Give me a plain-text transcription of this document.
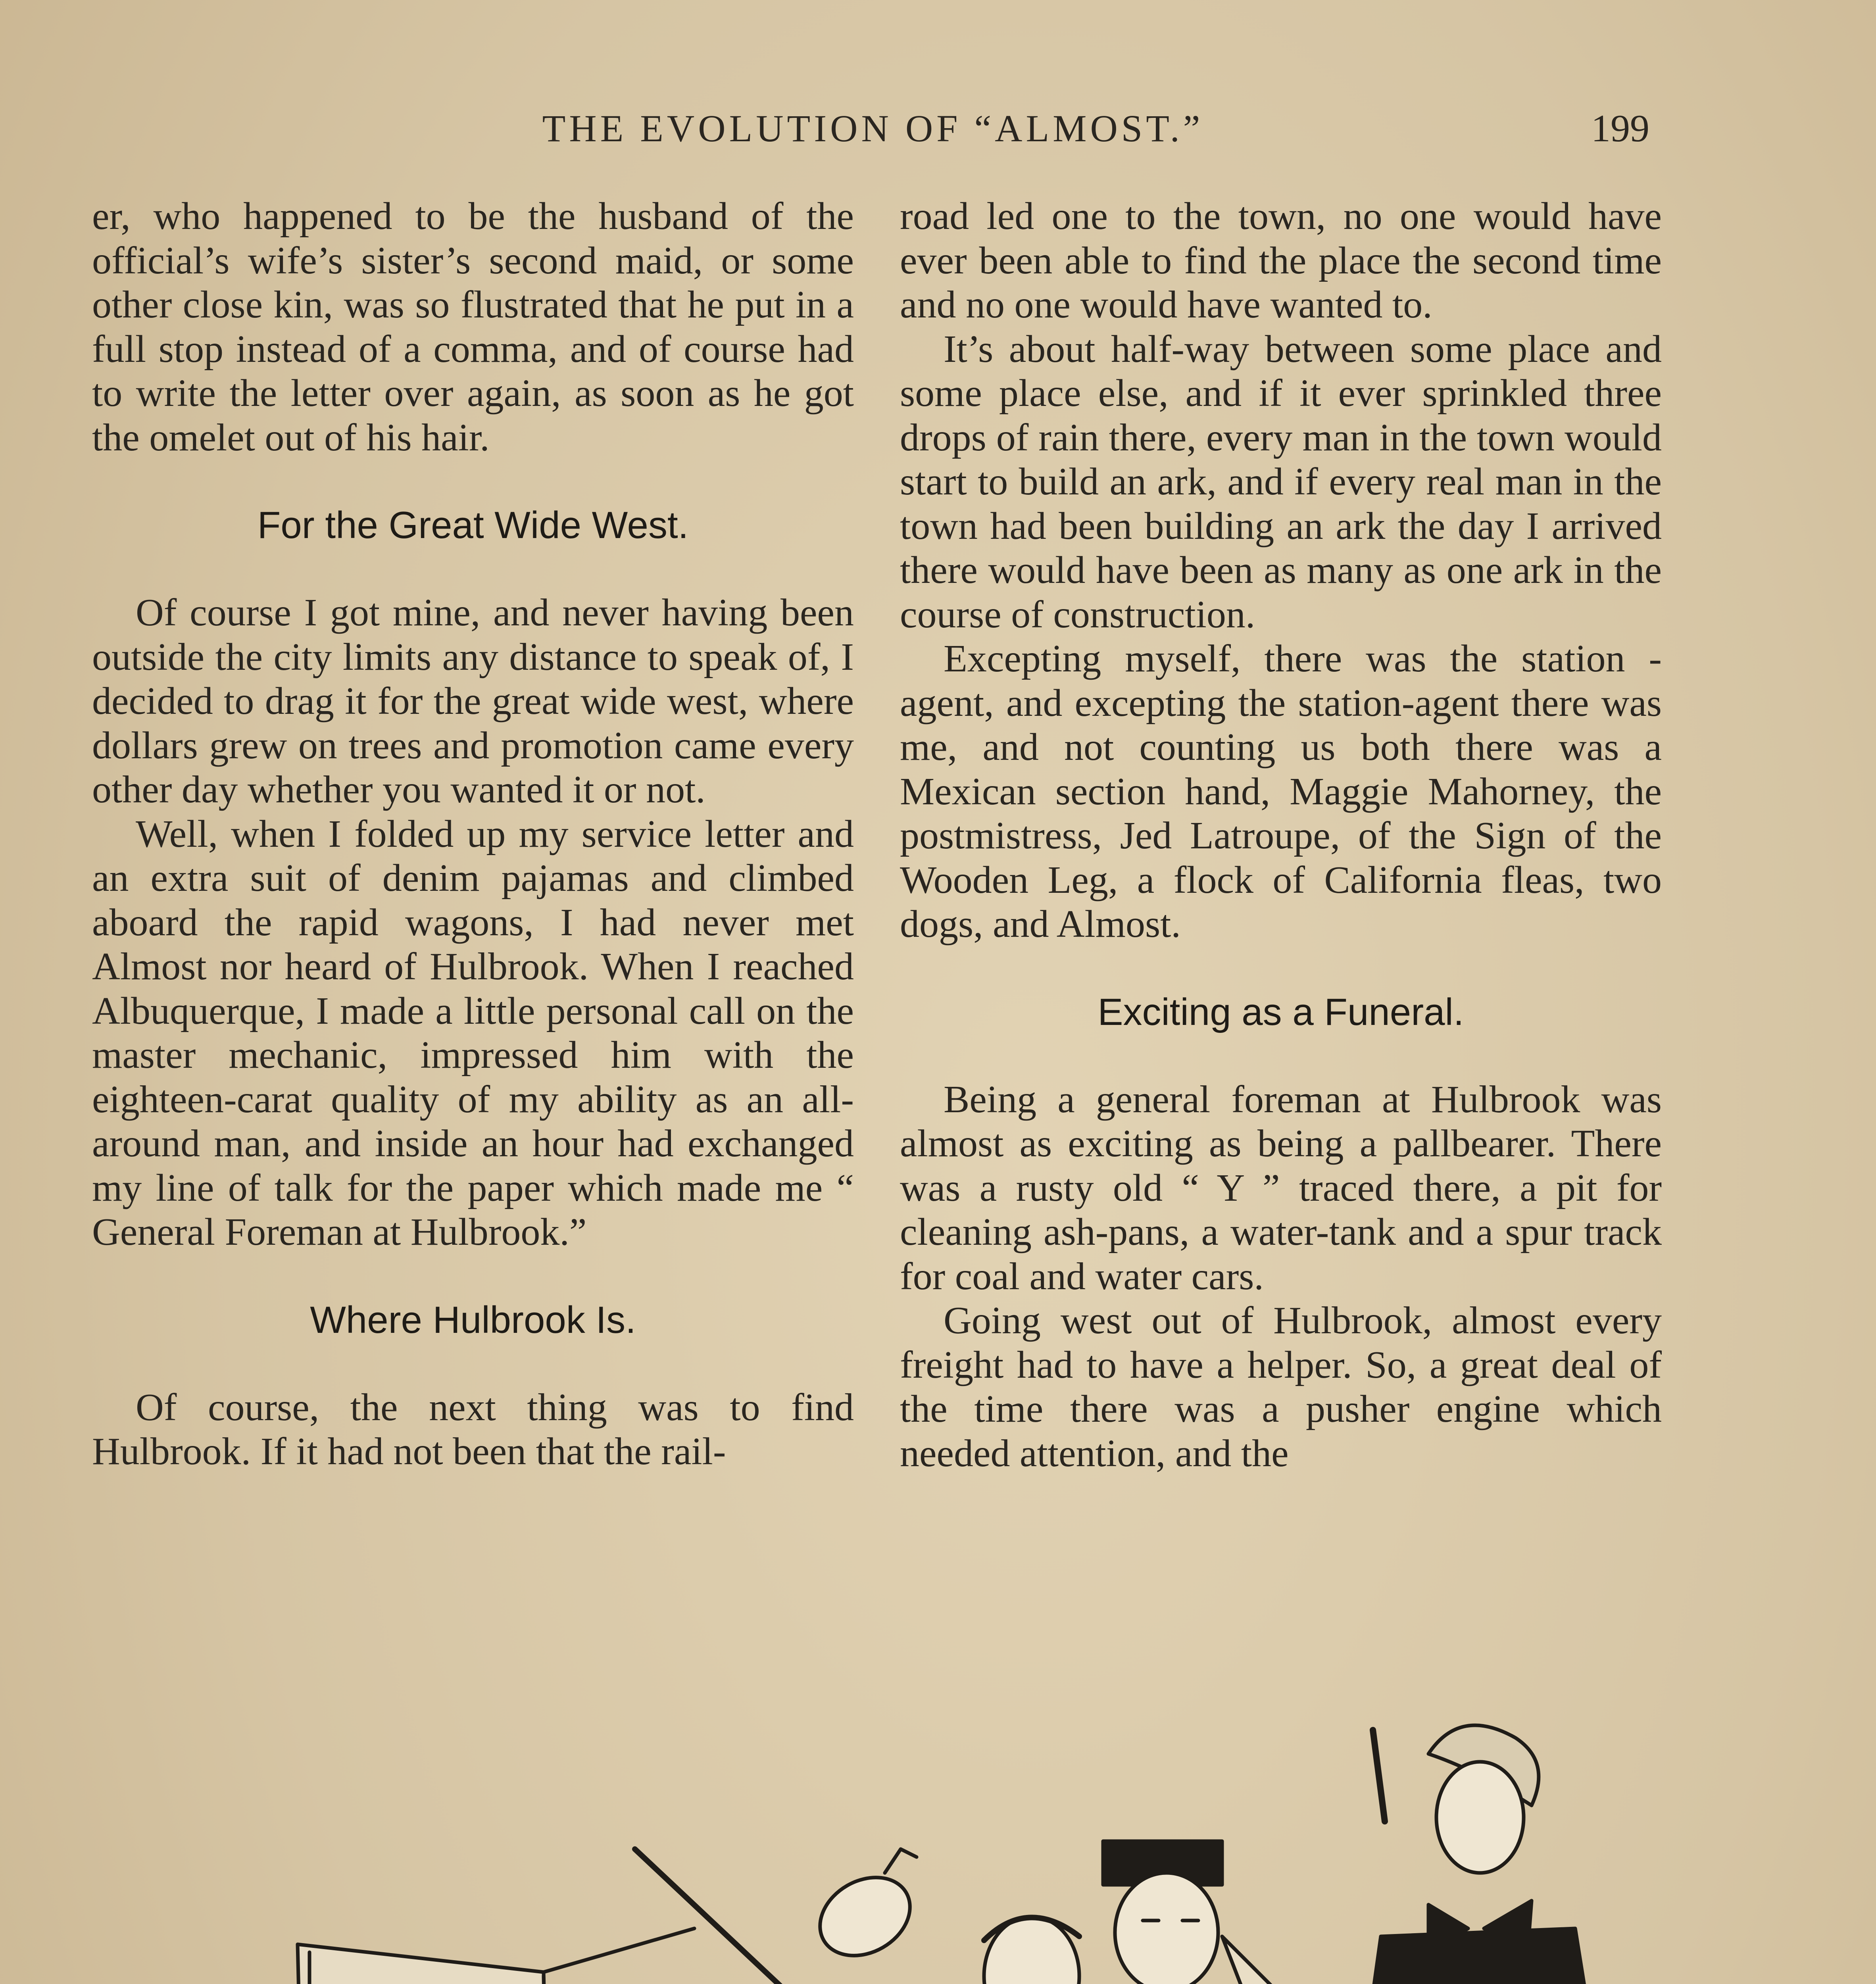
THE EVOLUTION OF “ALMOST.”	199

er, who happened to be the husband of the official’s wife’s sister’s second maid, or some other close kin, was so flustrated that he put in a full stop instead of a comma, and of course had to write the letter over again, as soon as he got the omelet out of his hair.

For the Great Wide West.

Of course I got mine, and never having been outside the city limits any distance to speak of, I decided to drag it for the great wide west, where dollars grew on trees and promotion came every other day whether you wanted it or not.

Well, when I folded up my service letter and an extra suit of denim pajamas and climbed aboard the rapid wagons, I had never met Almost nor heard of Hulbrook. When I reached Albuquerque, I made a little personal call on the master mechanic, impressed him with the eighteen-carat quality of my ability as an all-around man, and inside an hour had exchanged my line of talk for the paper which made me “ General Foreman at Hulbrook.”

Where Hulbrook Is.

Of course, the next thing was to find Hulbrook. If it had not been that the rail-

road led one to the town, no one would have ever been able to find the place the second time and no one would have wanted to.

It’s about half-way between some place and some place else, and if it ever sprinkled three drops of rain there, every man in the town would start to build an ark, and if every real man in the town had been building an ark the day I arrived there would have been as many as one ark in the course of construction.

Excepting myself, there was the station - agent, and excepting the station-agent there was me, and not counting us both there was a Mexican section hand, Maggie Mahorney, the postmistress, Jed Latroupe, of the Sign of the Wooden Leg, a flock of California fleas, two dogs, and Almost.

Exciting as a Funeral.

Being a general foreman at Hulbrook was almost as exciting as being a pallbearer. There was a rusty old “ Y ” traced there, a pit for cleaning ash-pans, a water-tank and a spur track for coal and water cars.

Going west out of Hulbrook, almost every freight had to have a helper. So, a great deal of the time there was a pusher engine which needed attention, and the
